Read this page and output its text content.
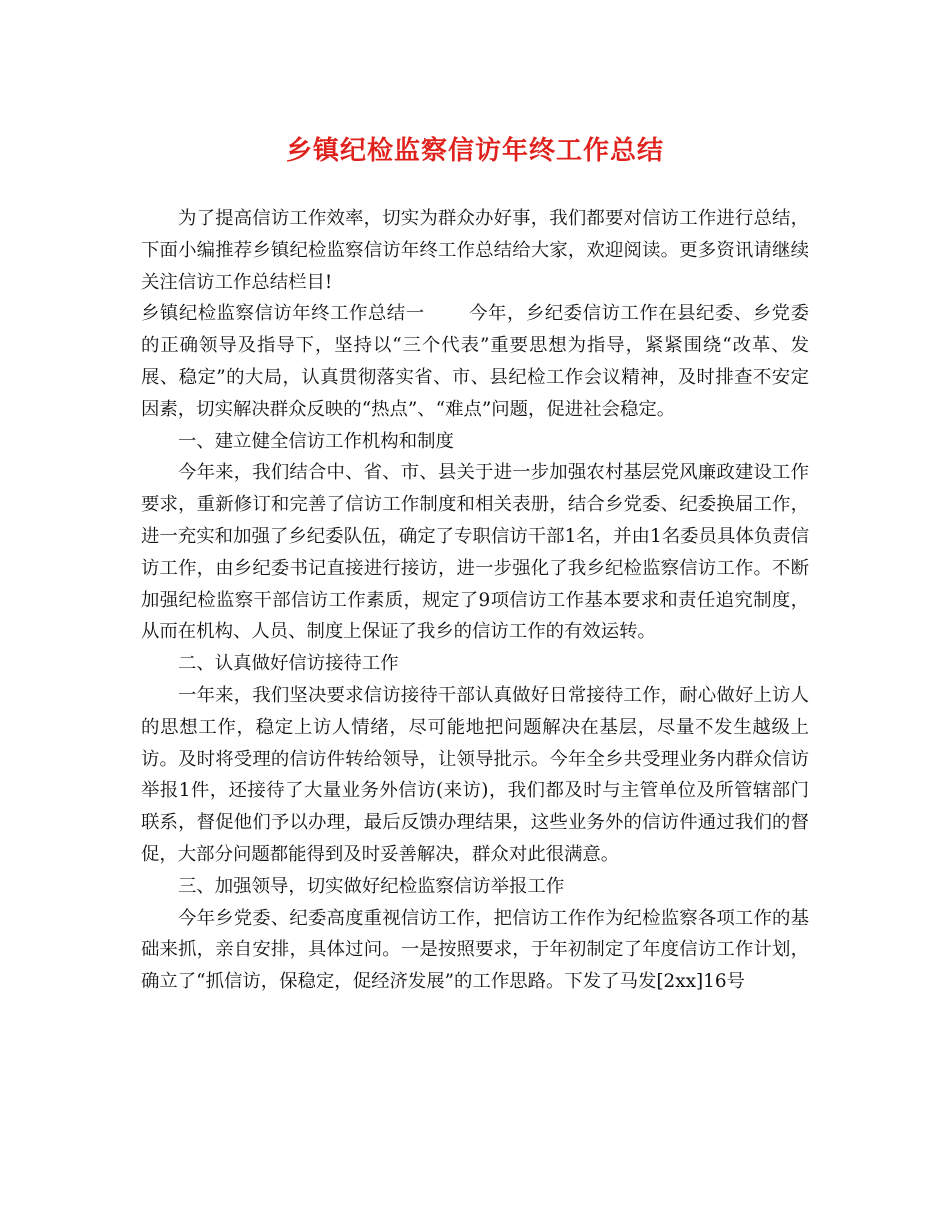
乡镇纪检监察信访年终工作总结

为了提高信访工作效率，切实为群众办好事，我们都要对信访工作进行总结，下面小编推荐乡镇纪检监察信访年终工作总结给大家，欢迎阅读。更多资讯请继续关注信访工作总结栏目!

乡镇纪检监察信访年终工作总结一 今年，乡纪委信访工作在县纪委、乡党委的正确领导及指导下，坚持以“三个代表”重要思想为指导，紧紧围绕“改革、发展、稳定”的大局，认真贯彻落实省、市、县纪检工作会议精神，及时排查不安定因素，切实解决群众反映的“热点”、“难点”问题，促进社会稳定。

一、建立健全信访工作机构和制度

今年来，我们结合中、省、市、县关于进一步加强农村基层党风廉政建设工作要求，重新修订和完善了信访工作制度和相关表册，结合乡党委、纪委换届工作，进一充实和加强了乡纪委队伍，确定了专职信访干部1名，并由1名委员具体负责信访工作，由乡纪委书记直接进行接访，进一步强化了我乡纪检监察信访工作。不断加强纪检监察干部信访工作素质，规定了9项信访工作基本要求和责任追究制度，从而在机构、人员、制度上保证了我乡的信访工作的有效运转。

二、认真做好信访接待工作

一年来，我们坚决要求信访接待干部认真做好日常接待工作，耐心做好上访人的思想工作，稳定上访人情绪，尽可能地把问题解决在基层，尽量不发生越级上访。及时将受理的信访件转给领导，让领导批示。今年全乡共受理业务内群众信访举报1件，还接待了大量业务外信访(来访)，我们都及时与主管单位及所管辖部门联系，督促他们予以办理，最后反馈办理结果，这些业务外的信访件通过我们的督促，大部分问题都能得到及时妥善解决，群众对此很满意。

三、加强领导，切实做好纪检监察信访举报工作

今年乡党委、纪委高度重视信访工作，把信访工作作为纪检监察各项工作的基础来抓，亲自安排，具体过问。一是按照要求，于年初制定了年度信访工作计划，确立了“抓信访，保稳定，促经济发展”的工作思路。下发了马发[2xx]16号
